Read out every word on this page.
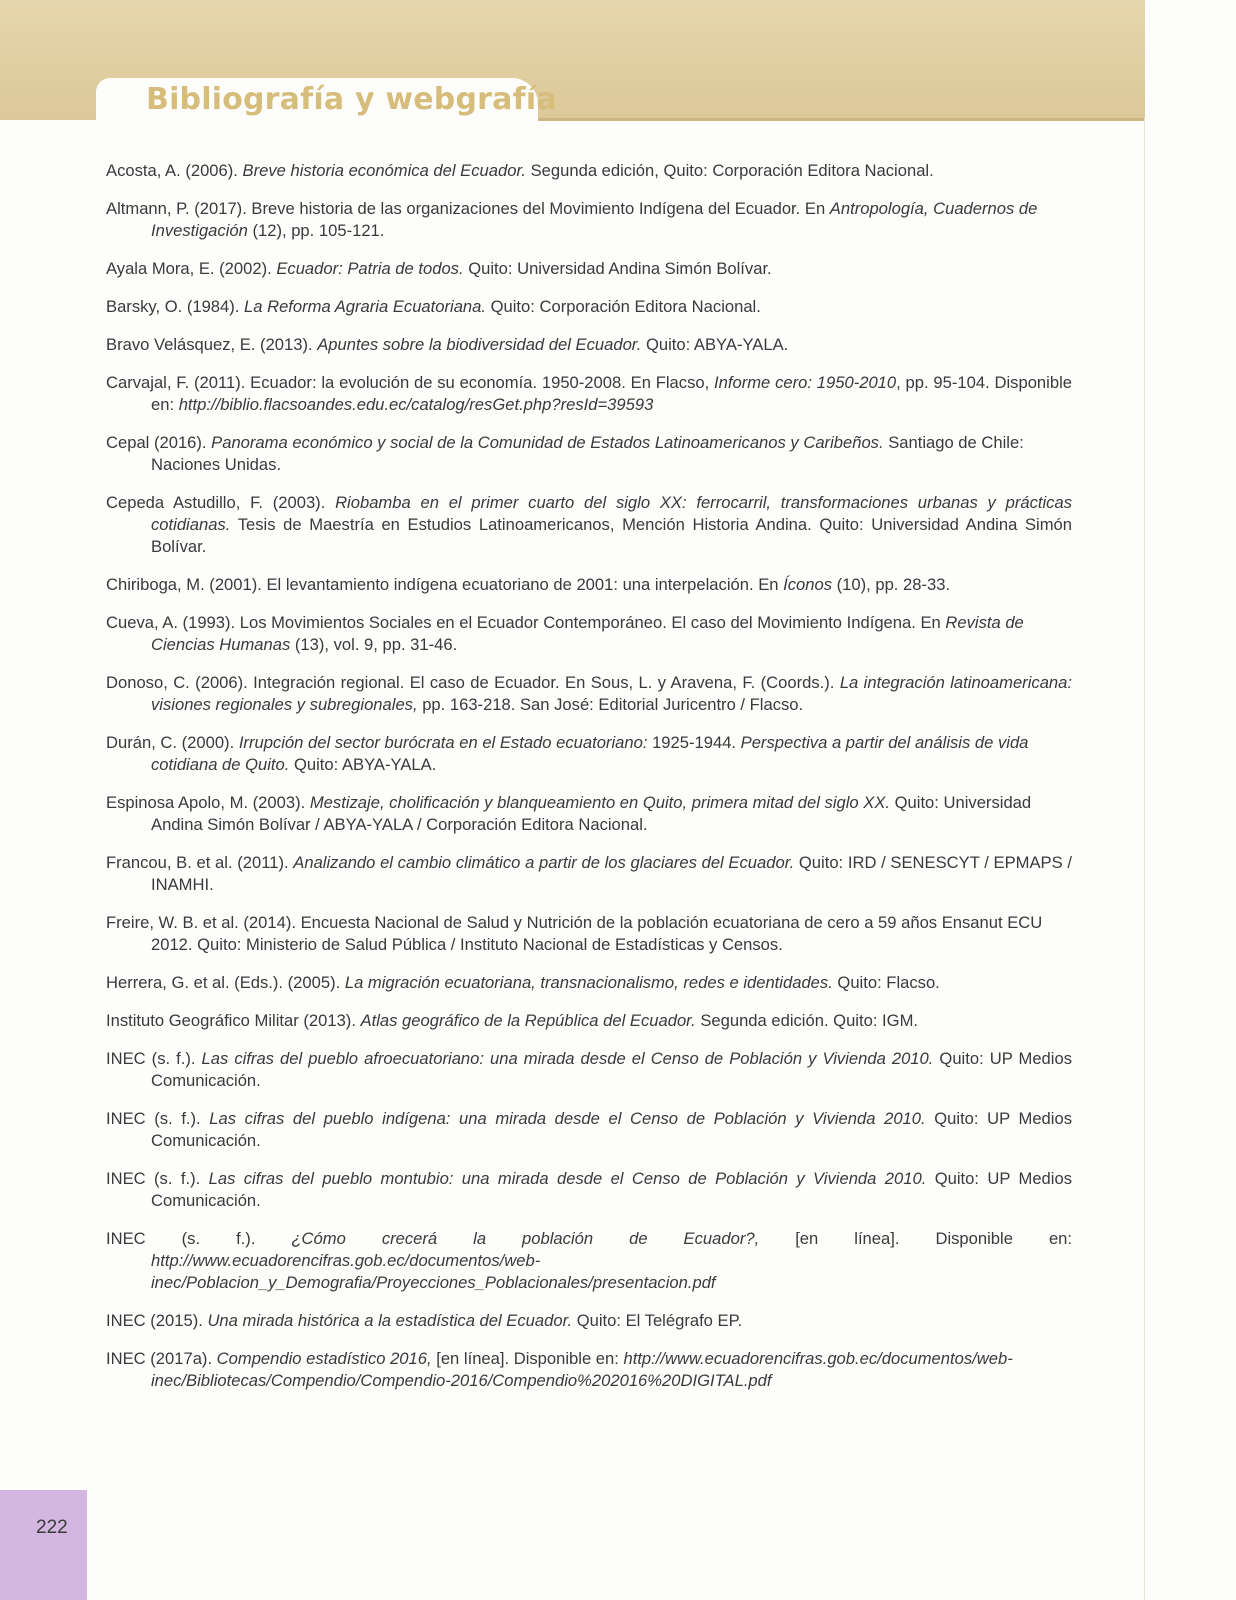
Bibliografía y webgrafía

Acosta, A. (2006). Breve historia económica del Ecuador. Segunda edición, Quito: Corporación Editora Nacional.

Altmann, P. (2017). Breve historia de las organizaciones del Movimiento Indígena del Ecuador. En Antropología, Cuadernos de Investigación (12), pp. 105-121.

Ayala Mora, E. (2002). Ecuador: Patria de todos. Quito: Universidad Andina Simón Bolívar.

Barsky, O. (1984). La Reforma Agraria Ecuatoriana. Quito: Corporación Editora Nacional.

Bravo Velásquez, E. (2013). Apuntes sobre la biodiversidad del Ecuador. Quito: ABYA-YALA.

Carvajal, F. (2011). Ecuador: la evolución de su economía. 1950-2008. En Flacso, Informe cero: 1950-2010, pp. 95-104. Disponible en: http://biblio.flacsoandes.edu.ec/catalog/resGet.php?resId=39593

Cepal (2016). Panorama económico y social de la Comunidad de Estados Latinoamericanos y Caribeños. Santiago de Chile: Naciones Unidas.

Cepeda Astudillo, F. (2003). Riobamba en el primer cuarto del siglo XX: ferrocarril, transformaciones urbanas y prácticas cotidianas. Tesis de Maestría en Estudios Latinoamericanos, Mención Historia Andina. Quito: Universidad Andina Simón Bolívar.

Chiriboga, M. (2001). El levantamiento indígena ecuatoriano de 2001: una interpelación. En Íconos (10), pp. 28-33.

Cueva, A. (1993). Los Movimientos Sociales en el Ecuador Contemporáneo. El caso del Movimiento Indígena. En Revista de Ciencias Humanas (13), vol. 9, pp. 31-46.

Donoso, C. (2006). Integración regional. El caso de Ecuador. En Sous, L. y Aravena, F. (Coords.). La integración latinoamericana: visiones regionales y subregionales, pp. 163-218. San José: Editorial Juricentro / Flacso.

Durán, C. (2000). Irrupción del sector burócrata en el Estado ecuatoriano: 1925-1944. Perspectiva a partir del análisis de vida cotidiana de Quito. Quito: ABYA-YALA.

Espinosa Apolo, M. (2003). Mestizaje, cholificación y blanqueamiento en Quito, primera mitad del siglo XX. Quito: Universidad Andina Simón Bolívar / ABYA-YALA / Corporación Editora Nacional.

Francou, B. et al. (2011). Analizando el cambio climático a partir de los glaciares del Ecuador. Quito: IRD / SENESCYT / EPMAPS / INAMHI.

Freire, W. B. et al. (2014). Encuesta Nacional de Salud y Nutrición de la población ecuatoriana de cero a 59 años Ensanut ECU 2012. Quito: Ministerio de Salud Pública / Instituto Nacional de Estadísticas y Censos.

Herrera, G. et al. (Eds.). (2005). La migración ecuatoriana, transnacionalismo, redes e identidades. Quito: Flacso.

Instituto Geográfico Militar (2013). Atlas geográfico de la República del Ecuador. Segunda edición. Quito: IGM.

INEC (s. f.). Las cifras del pueblo afroecuatoriano: una mirada desde el Censo de Población y Vivienda 2010. Quito: UP Medios Comunicación.

INEC (s. f.). Las cifras del pueblo indígena: una mirada desde el Censo de Población y Vivienda 2010. Quito: UP Medios Comunicación.

INEC (s. f.). Las cifras del pueblo montubio: una mirada desde el Censo de Población y Vivienda 2010. Quito: UP Medios Comunicación.

INEC (s. f.). ¿Cómo crecerá la población de Ecuador?, [en línea]. Disponible en: http://www.ecuadorencifras.gob.ec/documentos/web-inec/Poblacion_y_Demografia/Proyecciones_Poblacionales/presentacion.pdf

INEC (2015). Una mirada histórica a la estadística del Ecuador. Quito: El Telégrafo EP.

INEC (2017a). Compendio estadístico 2016, [en línea]. Disponible en: http://www.ecuadorencifras.gob.ec/documentos/web-inec/Bibliotecas/Compendio/Compendio-2016/Compendio%202016%20DIGITAL.pdf

222
